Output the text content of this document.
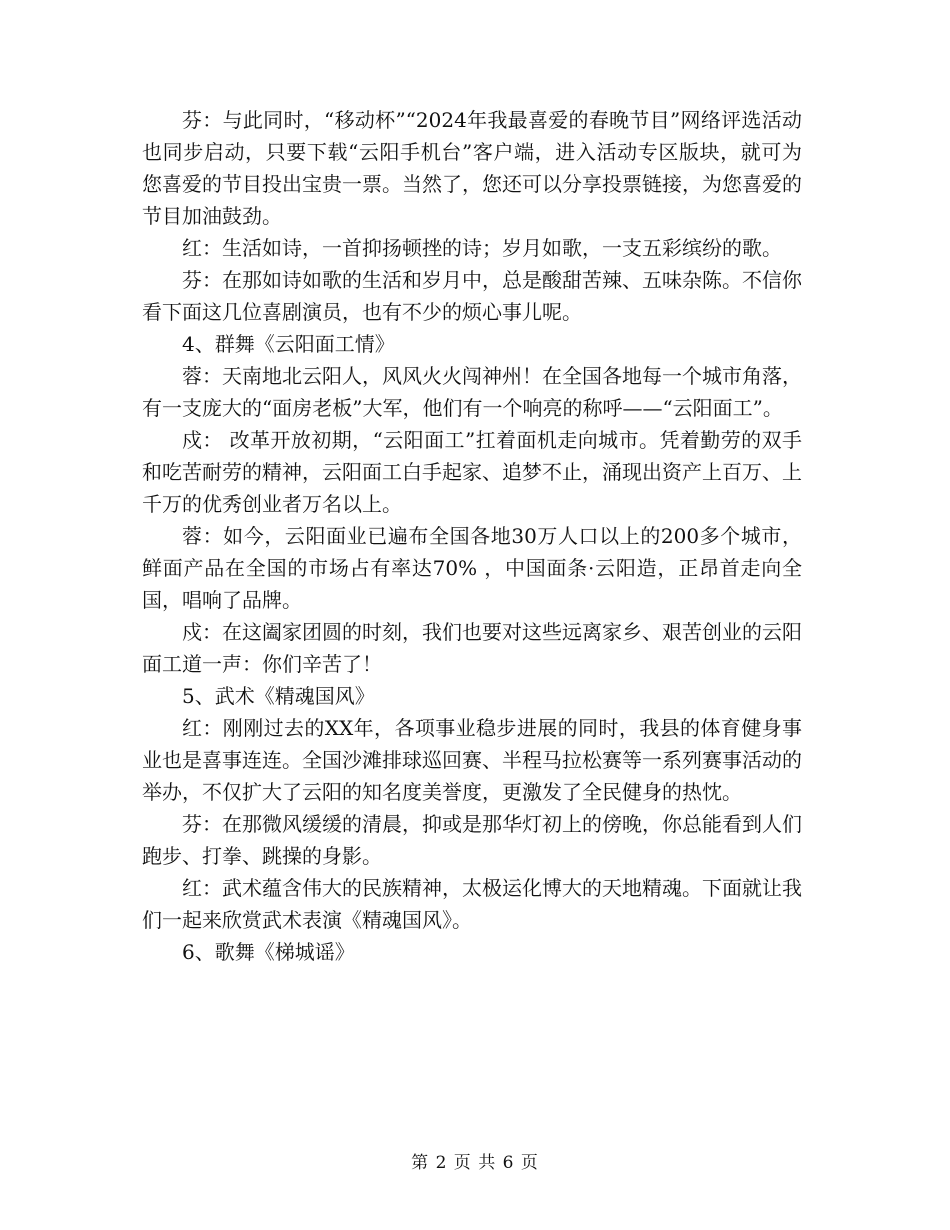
芬：与此同时，“移动杯”“2024年我最喜爱的春晚节目”网络评选活动也同步启动，只要下载“云阳手机台”客户端，进入活动专区版块，就可为您喜爱的节目投出宝贵一票。当然了，您还可以分享投票链接，为您喜爱的节目加油鼓劲。

红：生活如诗，一首抑扬顿挫的诗；岁月如歌，一支五彩缤纷的歌。

芬：在那如诗如歌的生活和岁月中，总是酸甜苦辣、五味杂陈。不信你看下面这几位喜剧演员，也有不少的烦心事儿呢。

4、群舞《云阳面工情》

蓉：天南地北云阳人，风风火火闯神州！在全国各地每一个城市角落，有一支庞大的“面房老板”大军，他们有一个响亮的称呼——“云阳面工”。

戍： 改革开放初期，“云阳面工”扛着面机走向城市。凭着勤劳的双手和吃苦耐劳的精神，云阳面工白手起家、追梦不止，涌现出资产上百万、上千万的优秀创业者万名以上。

蓉：如今，云阳面业已遍布全国各地30万人口以上的200多个城市，鲜面产品在全国的市场占有率达70% ，中国面条·云阳造，正昂首走向全国，唱响了品牌。

戍：在这阖家团圆的时刻，我们也要对这些远离家乡、艰苦创业的云阳面工道一声：你们辛苦了！

5、武术《精魂国风》

红：刚刚过去的XX年，各项事业稳步进展的同时，我县的体育健身事业也是喜事连连。全国沙滩排球巡回赛、半程马拉松赛等一系列赛事活动的举办，不仅扩大了云阳的知名度美誉度，更激发了全民健身的热忱。

芬：在那微风缓缓的清晨，抑或是那华灯初上的傍晚，你总能看到人们跑步、打拳、跳操的身影。

红：武术蕴含伟大的民族精神，太极运化博大的天地精魂。下面就让我们一起来欣赏武术表演《精魂国风》。

6、歌舞《梯城谣》

第 2 页 共 6 页
